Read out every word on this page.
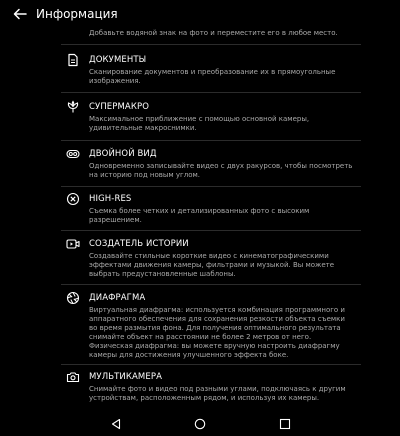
Информация
Добавьте водяной знак на фото и переместите его в любое место.
ДОКУМЕНТЫ
Сканирование документов и преобразование их в прямоугольные изображения.
СУПЕРМАКРО
Максимальное приближение с помощью основной камеры, удивительные макроснимки.
ДВОЙНОЙ ВИД
Одновременно записывайте видео с двух ракурсов, чтобы посмотреть на историю под новым углом.
HIGH-RES
Съемка более четких и детализированных фото с высоким разрешением.
СОЗДАТЕЛЬ ИСТОРИИ
Создавайте стильные короткие видео с кинематографическими эффектами движения камеры, фильтрами и музыкой. Вы можете выбрать предустановленные шаблоны.
ДИАФРАГМА
Виртуальная диафрагма: используется комбинация программного и аппаратного обеспечения для сохранения резкости объекта съемки во время размытия фона. Для получения оптимального результата снимайте объект на расстоянии не более 2 метров от него. Физическая диафрагма: вы можете вручную настроить диафрагму камеры для достижения улучшенного эффекта боке.
МУЛЬТИКАМЕРА
Снимайте фото и видео под разными углами, подключаясь к другим устройствам, расположенным рядом, и используя их камеры.
